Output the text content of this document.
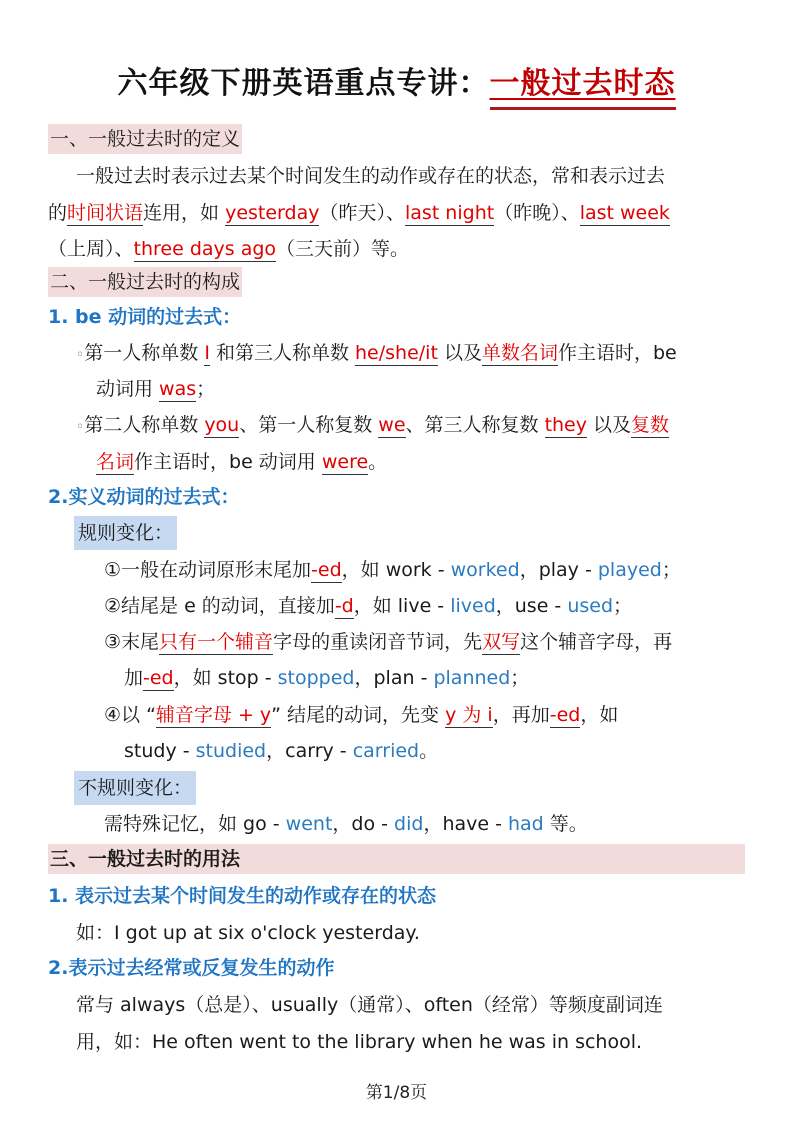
六年级下册英语重点专讲：一般过去时态
一、一般过去时的定义
一般过去时表示过去某个时间发生的动作或存在的状态，常和表示过去
的时间状语连用，如 yesterday（昨天）、last night（昨晚）、last week
（上周）、three days ago（三天前）等。
二、一般过去时的构成
1. be 动词的过去式：
◦第一人称单数 I 和第三人称单数 he/she/it 以及单数名词作主语时，be
动词用 was；
◦第二人称单数 you、第一人称复数 we、第三人称复数 they 以及复数
名词作主语时，be 动词用 were。
2.实义动词的过去式：
规则变化：
①一般在动词原形末尾加-ed，如 work - worked，play - played；
②结尾是 e 的动词，直接加-d，如 live - lived，use - used；
③末尾只有一个辅音字母的重读闭音节词，先双写这个辅音字母，再
加-ed，如 stop - stopped，plan - planned；
④以 “辅音字母 + y” 结尾的动词，先变 y 为 i，再加-ed，如
study - studied，carry - carried。
不规则变化：
需特殊记忆，如 go - went，do - did，have - had 等。
三、一般过去时的用法
1. 表示过去某个时间发生的动作或存在的状态
如：I got up at six o'clock yesterday.
2.表示过去经常或反复发生的动作
常与 always（总是）、usually（通常）、often（经常）等频度副词连
用，如：He often went to the library when he was in school.
第1/8页
